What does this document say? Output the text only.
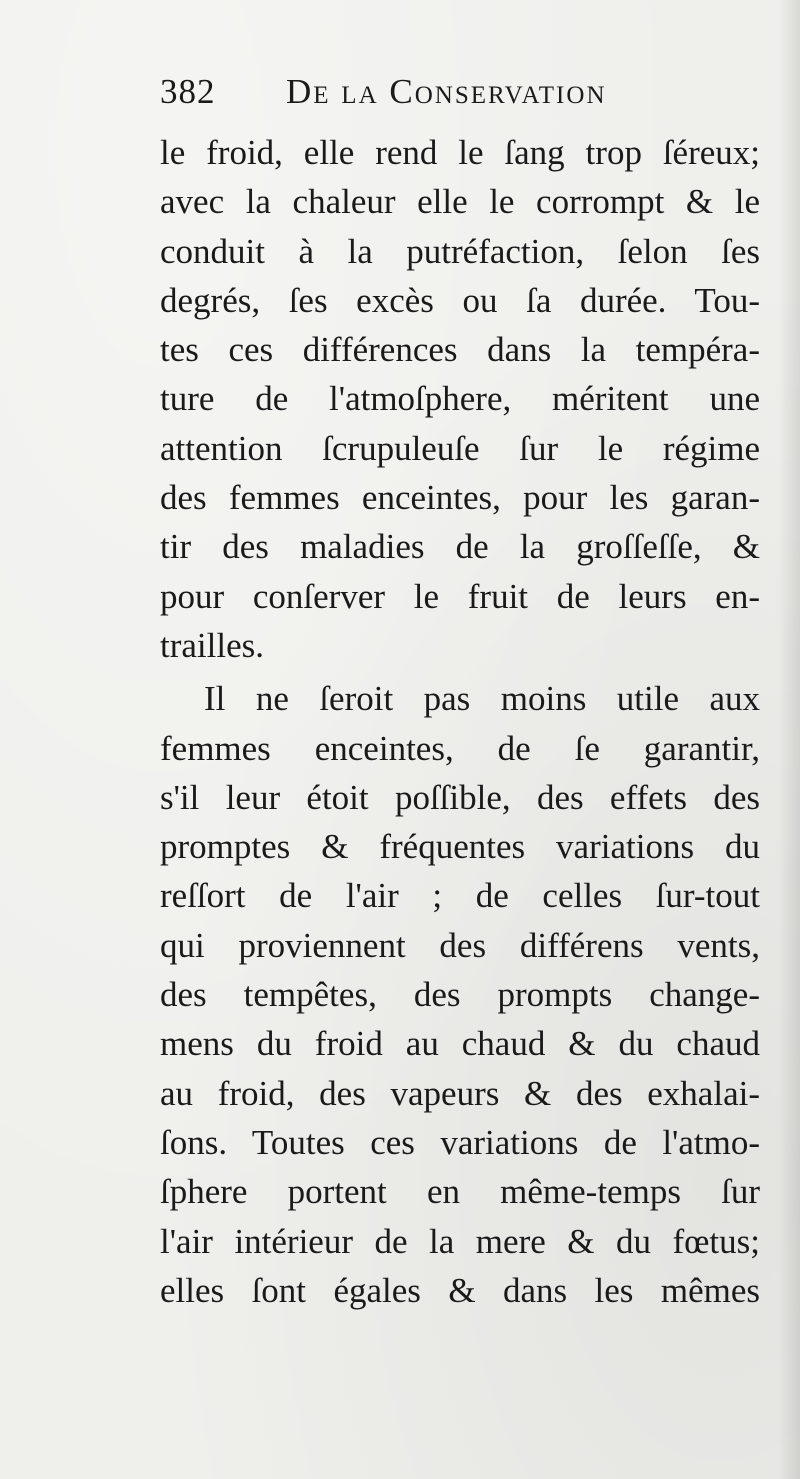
382 De la Conservation
le froid, elle rend le ſang trop ſéreux;
avec la chaleur elle le corrompt & le
conduit à la putréfaction, ſelon ſes
degrés, ſes excès ou ſa durée. Tou-
tes ces différences dans la tempéra-
ture de l'atmoſphere, méritent une
attention ſcrupuleuſe ſur le régime
des femmes enceintes, pour les garan-
tir des maladies de la groſſeſſe, &
pour conſerver le fruit de leurs en-
trailles.
Il ne ſeroit pas moins utile aux
femmes enceintes, de ſe garantir,
s'il leur étoit poſſible, des effets des
promptes & fréquentes variations du
reſſort de l'air ; de celles ſur-tout
qui proviennent des différens vents,
des tempêtes, des prompts change-
mens du froid au chaud & du chaud
au froid, des vapeurs & des exhalai-
ſons. Toutes ces variations de l'atmo-
ſphere portent en même-temps ſur
l'air intérieur de la mere & du fœtus;
elles ſont égales & dans les mêmes
